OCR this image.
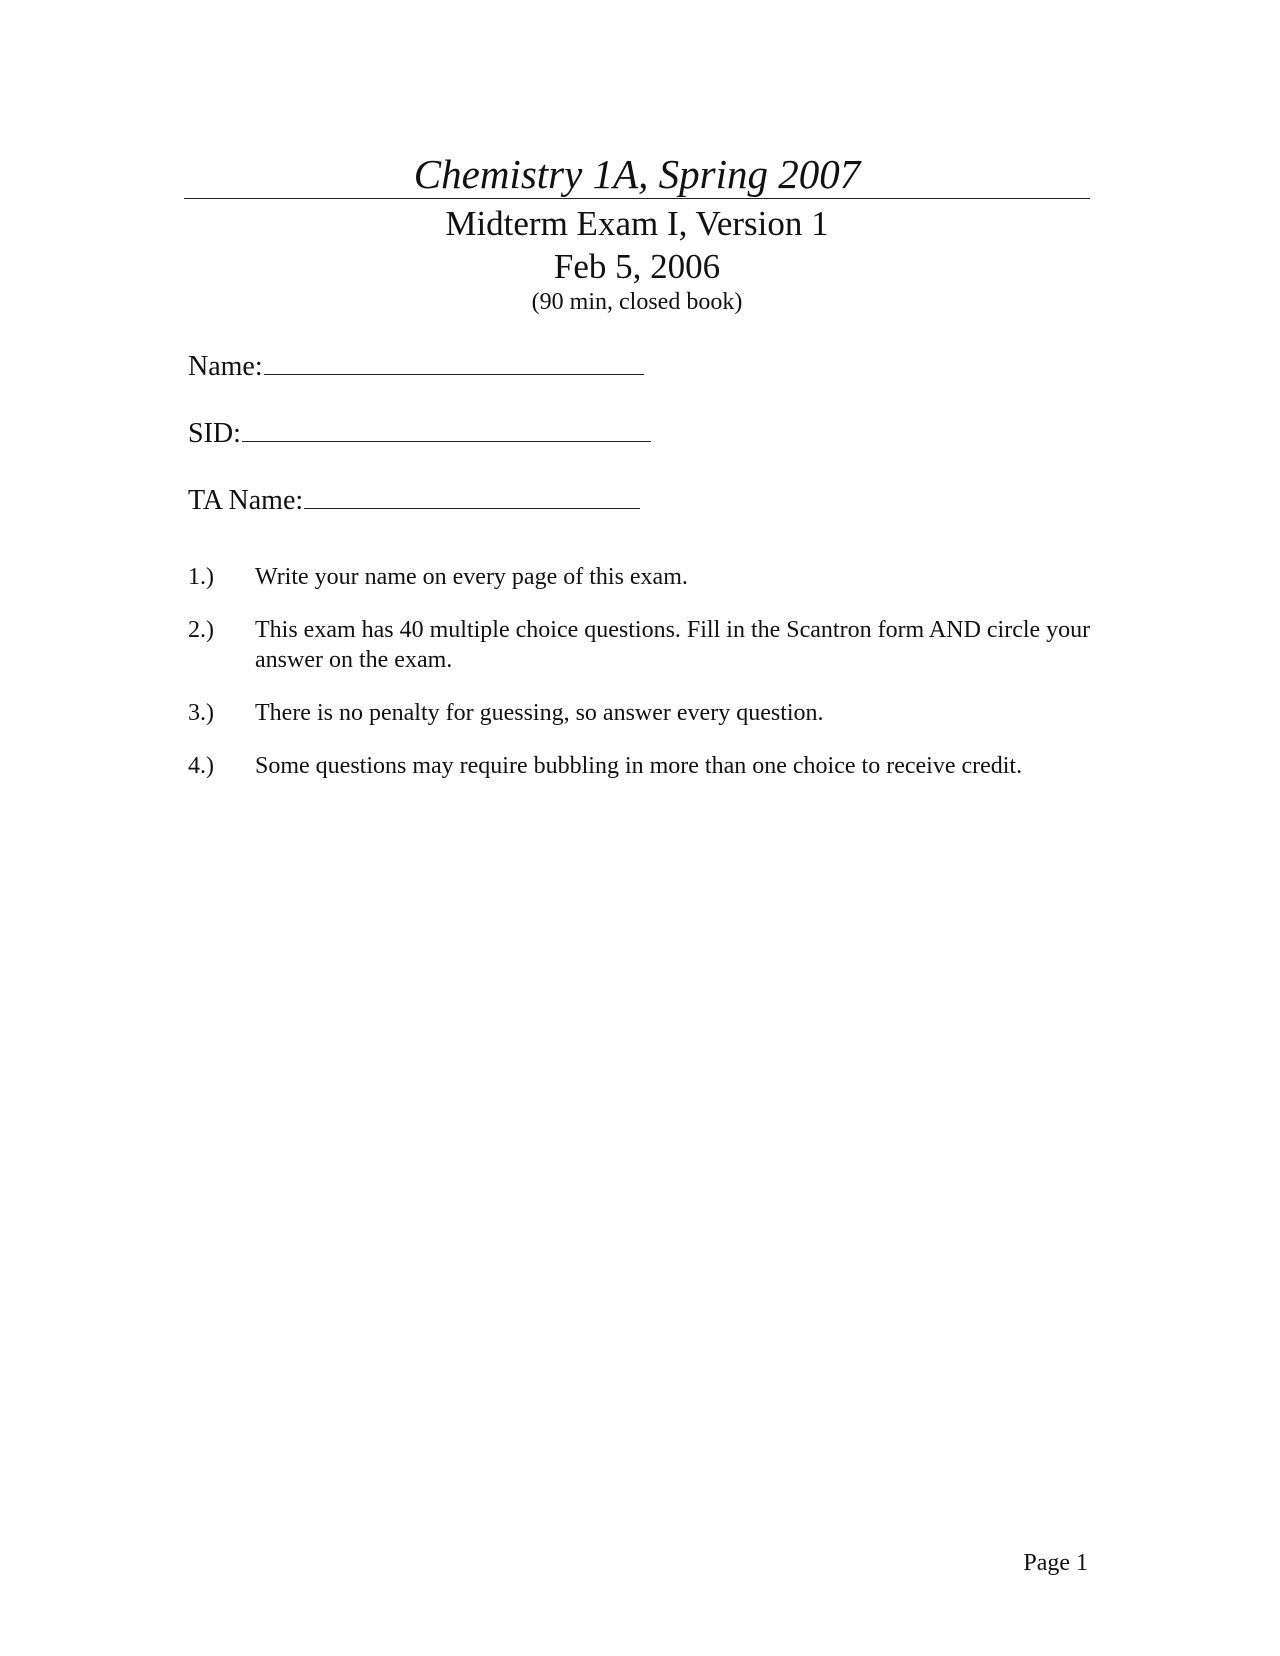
Chemistry 1A, Spring 2007
Midterm Exam I, Version 1
Feb 5, 2006
(90 min, closed book)
Name:
SID:
TA Name:
1.)	Write your name on every page of this exam.
2.)	This exam has 40 multiple choice questions. Fill in the Scantron form AND circle your answer on the exam.
3.)	There is no penalty for guessing, so answer every question.
4.)	Some questions may require bubbling in more than one choice to receive credit.
Page 1
